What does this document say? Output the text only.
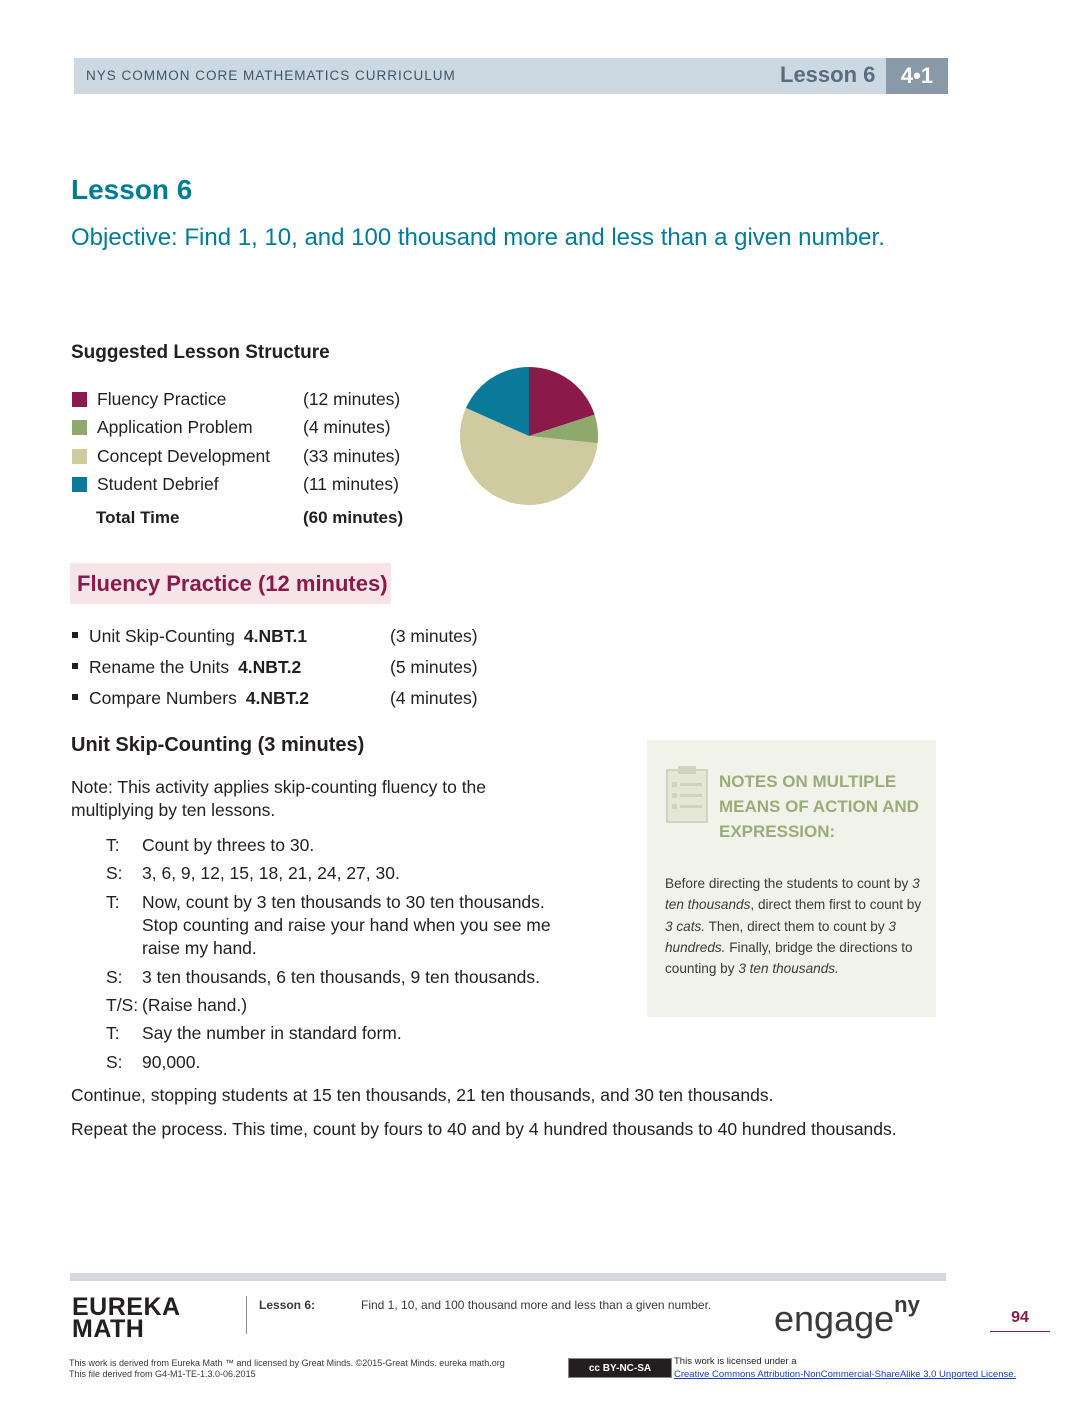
NYS COMMON CORE MATHEMATICS CURRICULUM	Lesson 6	4•1
Lesson 6
Objective: Find 1, 10, and 100 thousand more and less than a given number.
Suggested Lesson Structure
Fluency Practice	(12 minutes)
Application Problem	(4 minutes)
Concept Development (33 minutes)
Student Debrief	(11 minutes)
Total Time	(60 minutes)
Fluency Practice (12 minutes)
Unit Skip-Counting 4.NBT.1	(3 minutes)
Rename the Units 4.NBT.2	(5 minutes)
Compare Numbers 4.NBT.2	(4 minutes)
Unit Skip-Counting (3 minutes)
Note: This activity applies skip-counting fluency to the multiplying by ten lessons.
T: Count by threes to 30.
S: 3, 6, 9, 12, 15, 18, 21, 24, 27, 30.
T: Now, count by 3 ten thousands to 30 ten thousands. Stop counting and raise your hand when you see me raise my hand.
S: 3 ten thousands, 6 ten thousands, 9 ten thousands.
T/S: (Raise hand.)
T: Say the number in standard form.
S: 90,000.
Continue, stopping students at 15 ten thousands, 21 ten thousands, and 30 ten thousands.
Repeat the process. This time, count by fours to 40 and by 4 hundred thousands to 40 hundred thousands.
NOTES ON MULTIPLE MEANS OF ACTION AND EXPRESSION:
Before directing the students to count by 3 ten thousands, direct them first to count by 3 cats. Then, direct them to count by 3 hundreds. Finally, bridge the directions to counting by 3 ten thousands.
EUREKA
MATH
Lesson 6:	Find 1, 10, and 100 thousand more and less than a given number. engage$^{ny}$
94
This work is derived from Eureka Math ™ and licensed by Great Minds. ©2015-Great Minds. eureka math.org
This file derived from G4-M1-TE-1.3.0-06.2015
cc BY-NC-SA
This work is licensed under a
Creative Commons Attribution-NonCommercial-ShareAlike 3.0 Unported License.
